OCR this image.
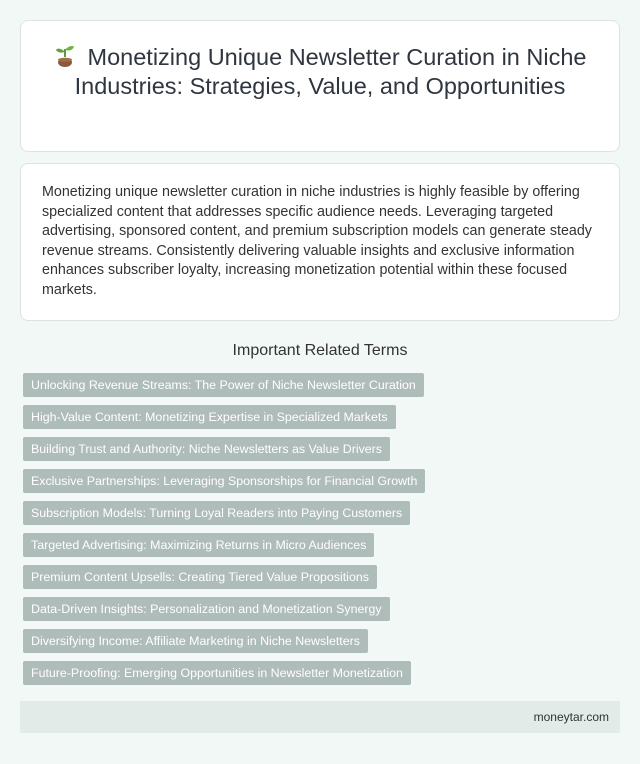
Monetizing Unique Newsletter Curation in Niche Industries: Strategies, Value, and Opportunities

Monetizing unique newsletter curation in niche industries is highly feasible by offering specialized content that addresses specific audience needs. Leveraging targeted advertising, sponsored content, and premium subscription models can generate steady revenue streams. Consistently delivering valuable insights and exclusive information enhances subscriber loyalty, increasing monetization potential within these focused markets.

Important Related Terms
Unlocking Revenue Streams: The Power of Niche Newsletter Curation
High-Value Content: Monetizing Expertise in Specialized Markets
Building Trust and Authority: Niche Newsletters as Value Drivers
Exclusive Partnerships: Leveraging Sponsorships for Financial Growth
Subscription Models: Turning Loyal Readers into Paying Customers
Targeted Advertising: Maximizing Returns in Micro Audiences
Premium Content Upsells: Creating Tiered Value Propositions
Data-Driven Insights: Personalization and Monetization Synergy
Diversifying Income: Affiliate Marketing in Niche Newsletters
Future-Proofing: Emerging Opportunities in Newsletter Monetization
moneytar.com
